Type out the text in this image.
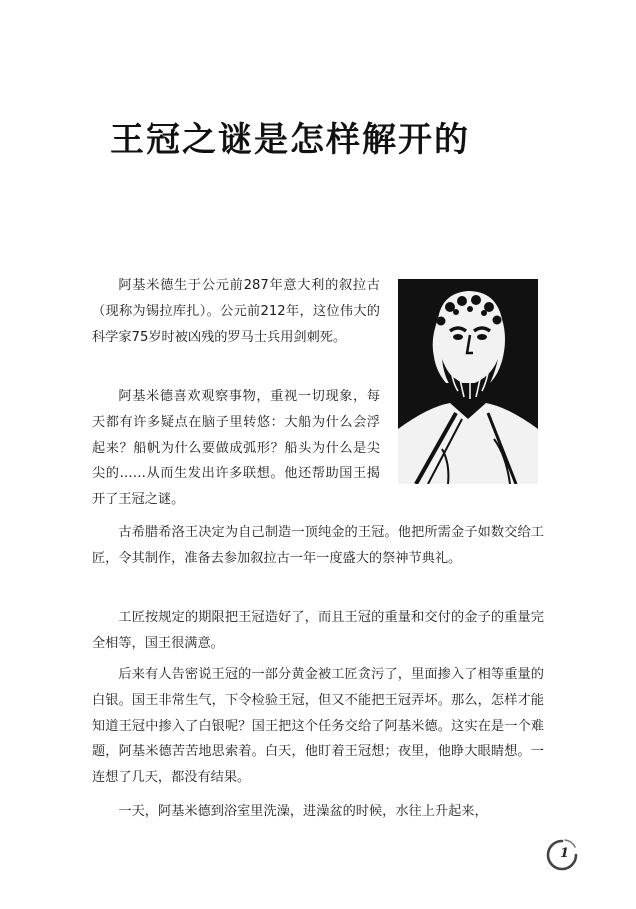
王冠之谜是怎样解开的

阿基米德生于公元前287年意大利的叙拉古（现称为锡拉库扎）。公元前212年，这位伟大的科学家75岁时被凶残的罗马士兵用剑刺死。

阿基米德喜欢观察事物，重视一切现象，每天都有许多疑点在脑子里转悠：大船为什么会浮起来？船帆为什么要做成弧形？船头为什么是尖尖的……从而生发出许多联想。他还帮助国王揭开了王冠之谜。

古希腊希洛王决定为自己制造一顶纯金的王冠。他把所需金子如数交给工匠，令其制作，准备去参加叙拉古一年一度盛大的祭神节典礼。

工匠按规定的期限把王冠造好了，而且王冠的重量和交付的金子的重量完全相等，国王很满意。

后来有人告密说王冠的一部分黄金被工匠贪污了，里面掺入了相等重量的白银。国王非常生气，下令检验王冠，但又不能把王冠弄坏。那么，怎样才能知道王冠中掺入了白银呢？国王把这个任务交给了阿基米德。这实在是一个难题，阿基米德苦苦地思索着。白天，他盯着王冠想；夜里，他睁大眼睛想。一连想了几天，都没有结果。

一天，阿基米德到浴室里洗澡，进澡盆的时候，水往上升起来，

1
